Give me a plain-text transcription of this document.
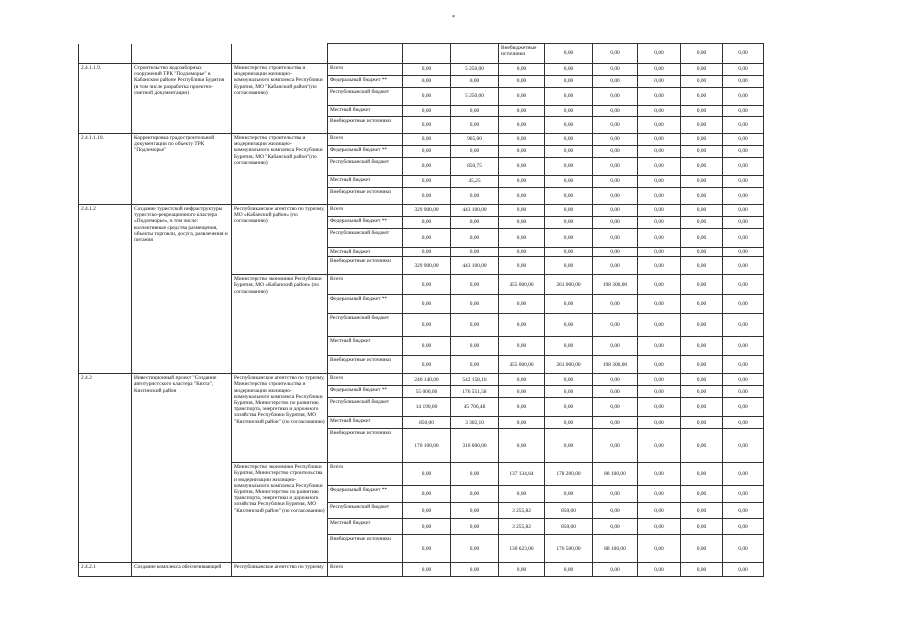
*
						Внебюджетные источники	0,00	0,00	0,00	0,00	0,00			
2.4.1.1.9.	Строительство водозаборных сооружений ТРК "Подлеморье" в Кабанском районе Республики Бурятия (в том числе разработка проектно-сметной документации)	Министерство строительства и модернизации жилищно-коммунального комплекса Республики Бурятия, МО "Кабанский район"(по согласованию)	Всего	0,00	5 250,00	0,00	0,00	0,00	0,00	0,00	0,00	
			Федеральный бюджет **	0,00	0,00	0,00	0,00	0,00	0,00	0,00	0,00	
			Республиканский бюджет	0,00	5 250,00	0,00	0,00	0,00	0,00	0,00	0,00	
			Местный бюджет	0,00	0,00	0,00	0,00	0,00	0,00	0,00	0,00	
			Внебюджетные источники	0,00	0,00	0,00	0,00	0,00	0,00	0,00	0,00	
2.4.1.1.10.	Корректировка градостроительной документации по объекту ТРК "Подлеморье"	Министерство строительства и модернизации жилищно-коммунального комплекса Республики Бурятия, МО "Кабанский район"(по согласованию)	Всего	0,00	965,00	0,00	0,00	0,00	0,00	0,00	0,00	
			Федеральный бюджет **	0,00	0,00	0,00	0,00	0,00	0,00	0,00	0,00	
			Республиканский бюджет	0,00	850,75	0,00	0,00	0,00	0,00	0,00	0,00	
			Местный бюджет	0,00	45,25	0,00	0,00	0,00	0,00	0,00	0,00	
			Внебюджетные источники	0,00	0,00	0,00	0,00	0,00	0,00	0,00	0,00	
2.4.1.2	Создание туристской инфраструктуры туристско-рекреационного кластера «Подлеморье», в том числе: коллективные средства размещения, объекты торговли, досуга, развлечения и питания	Республиканское агентство по туризму, МО «Кабанский район» (по согласованию)	Всего	329 900,00	443 100,00	0,00	0,00	0,00	0,00	0,00	0,00	
			Федеральный бюджет **	0,00	0,00	0,00	0,00	0,00	0,00	0,00	0,00	
			Республиканский бюджет	0,00	0,00	0,00	0,00	0,00	0,00	0,00	0,00	
			Местный бюджет	0,00	0,00	0,00	0,00	0,00	0,00	0,00	0,00	
			Внебюджетные источники	329 900,00	443 100,00	0,00	0,00	0,00	0,00	0,00	0,00	
		Министерство экономики Республики Бурятия, МО «Кабанский район» (по согласованию)	Всего	0,00	0,00	455 000,00	261 000,00	198 300,00	0,00	0,00	0,00	
			Федеральный бюджет **	0,00	0,00	0,00	0,00	0,00	0,00	0,00	0,00	
			Республиканский бюджет	0,00	0,00	0,00	0,00	0,00	0,00	0,00	0,00	
			Местный бюджет	0,00	0,00	0,00	0,00	0,00	0,00	0,00	0,00	
			Внебюджетные источники	0,00	0,00	455 000,00	261 000,00	198 300,00	0,00	0,00	0,00	
2.4.2	Инвестиционный проект "Создание автотуристского кластера "Кяхта", Кяхтинский район	Республиканское агентство по туризму, Министерство строительства и модернизации жилищно-коммунального комплекса Республики Бурятия, Министерство по развитию транспорта, энергетики и дорожного хозяйства Республики Бурятия, МО "Кяхтинский район" (по согласованию)	Всего	240 140,00	542 158,16	0,00	0,00	0,00	0,00	0,00	0,00	
			Федеральный бюджет **	55 000,00	176 551,58	0,00	0,00	0,00	0,00	0,00	0,00	
			Республиканский бюджет	14 190,00	45 706,48	0,00	0,00	0,00	0,00	0,00	0,00	
			Местный бюджет	850,00	3 302,10	0,00	0,00	0,00	0,00	0,00	0,00	
			Внебюджетные источники	170 100,00	316 600,00	0,00	0,00	0,00	0,00	0,00	0,00	
		Министерство экономики Республики Бурятия, Министерство строительства и модернизации жилищно-коммунального комплекса Республики Бурятия, Министерство по развитию транспорта, энергетики и дорожного хозяйства Республики Бурятия, МО "Кяхтинский район" (по согласованию)	Всего	0,00	0,00	137 134,64	178 200,00	88 100,00	0,00	0,00	0,00	
			Федеральный бюджет **	0,00	0,00	0,00	0,00	0,00	0,00	0,00	0,00	
			Республиканский бюджет	0,00	0,00	3 255,82	850,00	0,00	0,00	0,00	0,00	
			Местный бюджет	0,00	0,00	3 255,82	850,00	0,00	0,00	0,00	0,00	
			Внебюджетные источники	0,00	0,00	130 623,00	176 500,00	88 100,00	0,00	0,00	0,00	
2.4.2.1	Создание комплекса обеспечивающей	Республиканское агентство по туризму	Всего	0,00	0,00	0,00	0,00	0,00	0,00	0,00	0,00	
